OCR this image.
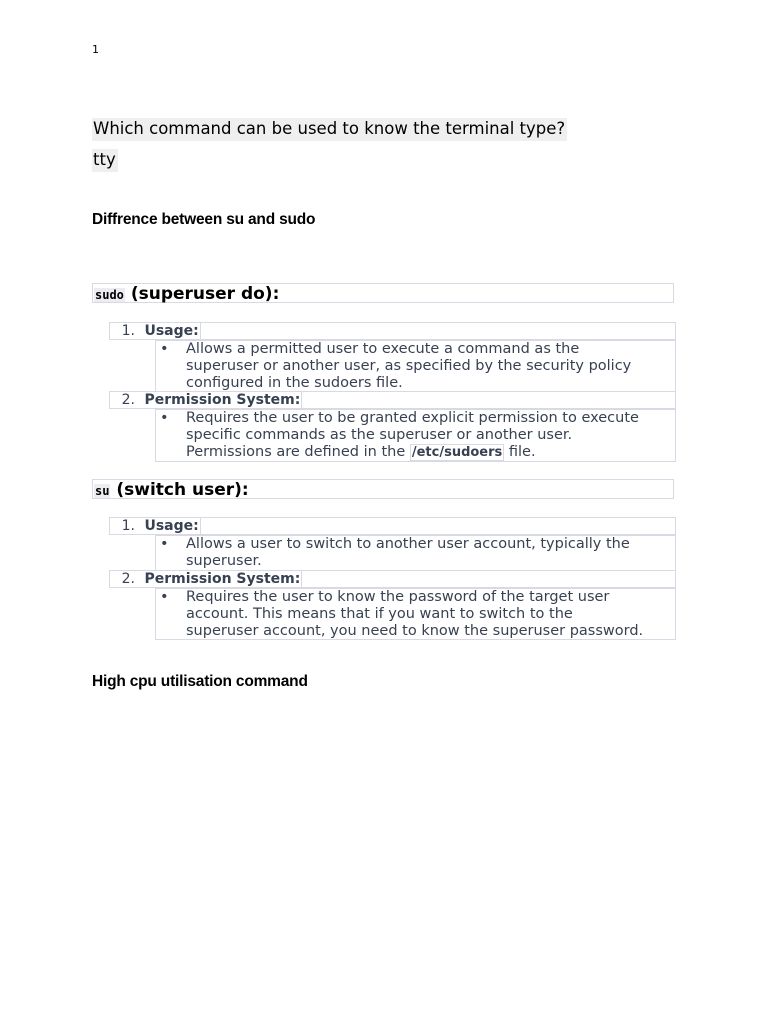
1
Which command can be used to know the terminal type?
tty
Diffrence between su and sudo
sudo (superuser do):
1. Usage:
• Allows a permitted user to execute a command as the
superuser or another user, as specified by the security policy
configured in the sudoers file.
2. Permission System:
• Requires the user to be granted explicit permission to execute
specific commands as the superuser or another user.
Permissions are defined in the /etc/sudoers file.
su (switch user):
1. Usage:
• Allows a user to switch to another user account, typically the
superuser.
2. Permission System:
• Requires the user to know the password of the target user
account. This means that if you want to switch to the
superuser account, you need to know the superuser password.
High cpu utilisation command
